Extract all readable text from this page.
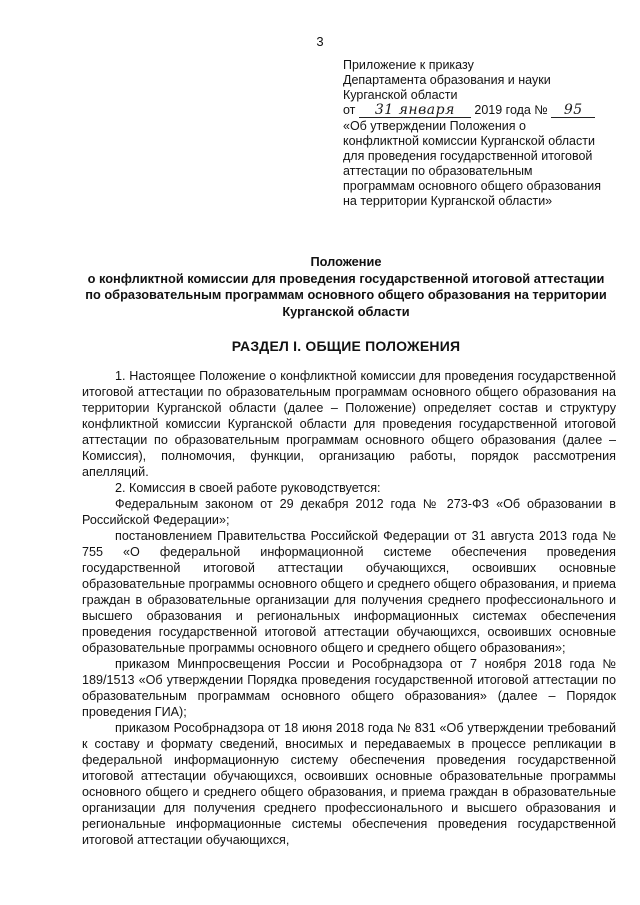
3
Приложение к приказу
Департамента образования и науки
Курганской области
от 31 января 2019 года № 95
«Об утверждении Положения о
конфликтной комиссии Курганской области
для проведения государственной итоговой
аттестации по образовательным
программам основного общего образования
на территории Курганской области»
Положение
о конфликтной комиссии для проведения государственной итоговой аттестации
по образовательным программам основного общего образования на территории
Курганской области
РАЗДЕЛ I. ОБЩИЕ ПОЛОЖЕНИЯ

1. Настоящее Положение о конфликтной комиссии для проведения государственной итоговой аттестации по образовательным программам основного общего образования на территории Курганской области (далее – Положение) определяет состав и структуру конфликтной комиссии Курганской области для проведения государственной итоговой аттестации по образовательным программам основного общего образования (далее – Комиссия), полномочия, функции, организацию работы, порядок рассмотрения апелляций.

2. Комиссия в своей работе руководствуется:

Федеральным законом от 29 декабря 2012 года № 273-ФЗ «Об образовании в Российской Федерации»;

постановлением Правительства Российской Федерации от 31 августа 2013 года № 755 «О федеральной информационной системе обеспечения проведения государственной итоговой аттестации обучающихся, освоивших основные образовательные программы основного общего и среднего общего образования, и приема граждан в образовательные организации для получения среднего профессионального и высшего образования и региональных информационных системах обеспечения проведения государственной итоговой аттестации обучающихся, освоивших основные образовательные программы основного общего и среднего общего образования»;

приказом Минпросвещения России и Рособрнадзора от 7 ноября 2018 года № 189/1513 «Об утверждении Порядка проведения государственной итоговой аттестации по образовательным программам основного общего образования» (далее – Порядок проведения ГИА);

приказом Рособрнадзора от 18 июня 2018 года № 831 «Об утверждении требований к составу и формату сведений, вносимых и передаваемых в процессе репликации в федеральной информационную систему обеспечения проведения государственной итоговой аттестации обучающихся, освоивших основные образовательные программы основного общего и среднего общего образования, и приема граждан в образовательные организации для получения среднего профессионального и высшего образования и региональные информационные системы обеспечения проведения государственной итоговой аттестации обучающихся,
